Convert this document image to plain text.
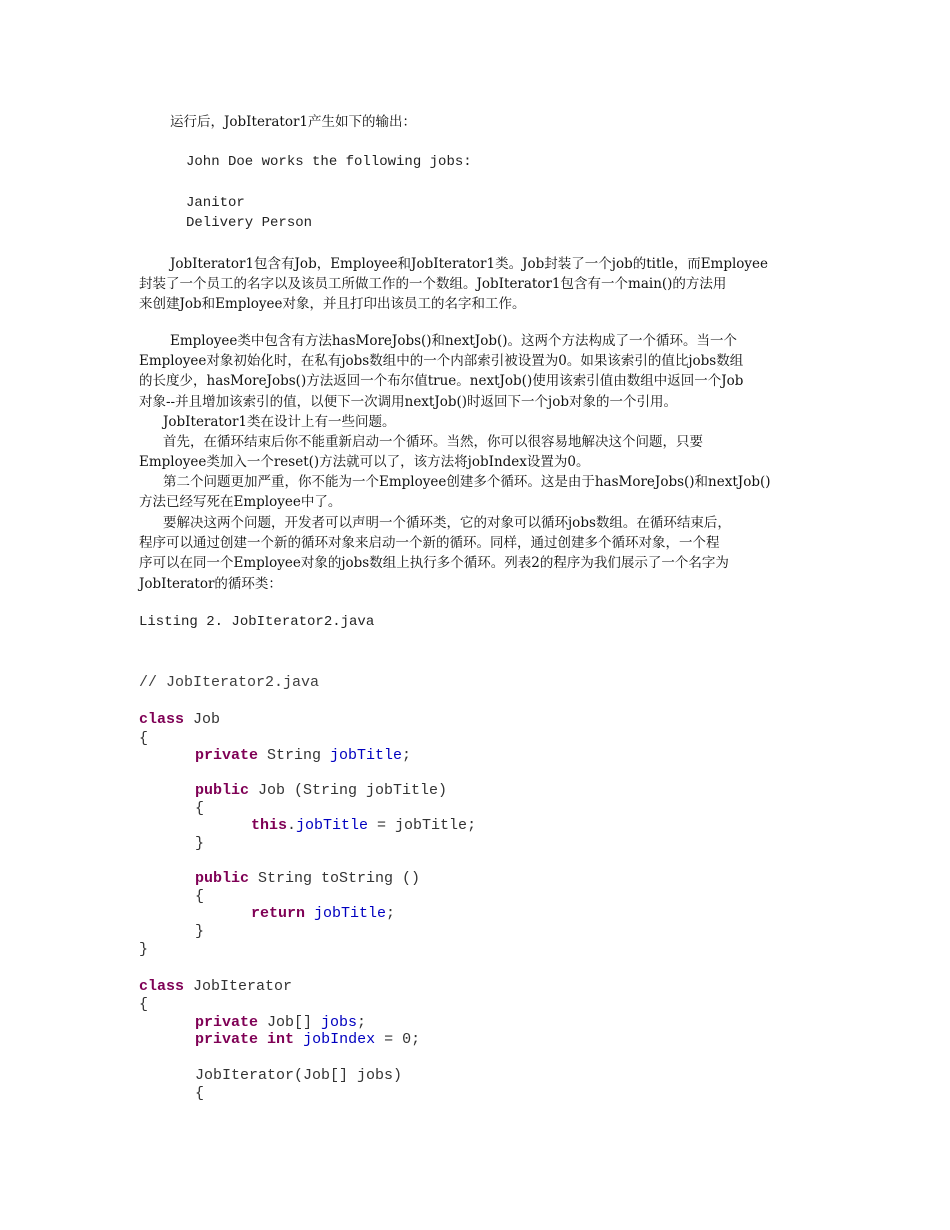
运行后，JobIterator1产生如下的输出：
John Doe works the following jobs:
Janitor
Delivery Person
JobIterator1包含有Job，Employee和JobIterator1类。Job封装了一个job的title，而Employee
封装了一个员工的名字以及该员工所做工作的一个数组。JobIterator1包含有一个main()的方法用
来创建Job和Employee对象，并且打印出该员工的名字和工作。
Employee类中包含有方法hasMoreJobs()和nextJob()。这两个方法构成了一个循环。当一个
Employee对象初始化时，在私有jobs数组中的一个内部索引被设置为0。如果该索引的值比jobs数组
的长度少，hasMoreJobs()方法返回一个布尔值true。nextJob()使用该索引值由数组中返回一个Job
对象--并且增加该索引的值，以便下一次调用nextJob()时返回下一个job对象的一个引用。
JobIterator1类在设计上有一些问题。
首先，在循环结束后你不能重新启动一个循环。当然，你可以很容易地解决这个问题，只要
Employee类加入一个reset()方法就可以了，该方法将jobIndex设置为0。
第二个问题更加严重，你不能为一个Employee创建多个循环。这是由于hasMoreJobs()和nextJob()
方法已经写死在Employee中了。
要解决这两个问题，开发者可以声明一个循环类，它的对象可以循环jobs数组。在循环结束后，
程序可以通过创建一个新的循环对象来启动一个新的循环。同样，通过创建多个循环对象，一个程
序可以在同一个Employee对象的jobs数组上执行多个循环。列表2的程序为我们展示了一个名字为
JobIterator的循环类：
Listing 2. JobIterator2.java
// JobIterator2.java
class Job
{
private String jobTitle;
public Job (String jobTitle)
{
this.jobTitle = jobTitle;
}
public String toString ()
{
return jobTitle;
}
}
class JobIterator
{
private Job[] jobs;
private int jobIndex = 0;
JobIterator(Job[] jobs)
{
